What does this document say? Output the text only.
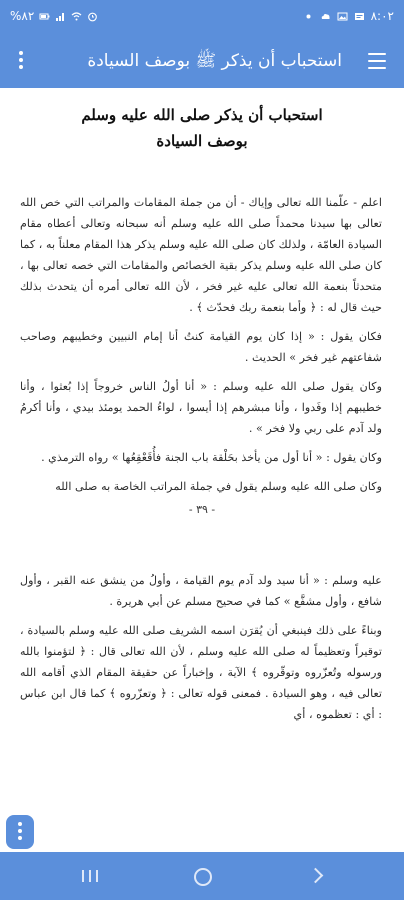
%٨٢	٨:٠٢
استحباب أن يذكر ﷺ بوصف السيادة
استحباب أن يذكر صلى الله عليه وسلم
بوصف السيادة
اعلم - علّمنا الله تعالى وإياك - أن من جملة المقامات والمراتب التي خص الله تعالى بها سيدنا محمداً صلى الله عليه وسلم أنه سبحانه وتعالى أعطاه مقام السيادة العامّة ، ولذلك كان صلى الله عليه وسلم يذكر هذا المقام معلناً به ، كما كان صلى الله عليه وسلم يذكر بقية الخصائص والمقامات التي خصه تعالى بها ، متحدثاً بنعمة الله تعالى عليه غير فخر ، لأن الله تعالى أمره أن يتحدث بذلك حيث قال له : ﴿ وأما بنعمة ربك فحدّث ﴾ .
فكان يقول : « إذا كان يوم القيامة كنتُ أنا إمام النبيين وخطيبهم وصاحب شفاعتهم غير فخر » الحديث .
وكان يقول صلى الله عليه وسلم : « أنا أولُ الناس خروجاً إذا بُعثوا ، وأنا خطيبهم إذا وفَدوا ، وأنا مبشرهم إذا أيسوا ، لواءُ الحمد يومئذ بيدي ، وأنا أكرمُ ولد آدم على ربي ولا فخر » .
وكان يقول : « أنا أول من يأخذ بحَلْقة باب الجنة فأُقَعْقِعُها » رواه الترمذي .
وكان صلى الله عليه وسلم يقول في جملة المراتب الخاصة به صلى الله
- ٣٩ -
عليه وسلم : « أنا سيد ولد آدم يوم القيامة ، وأولُ من ينشق عنه القبر ، وأول شافع ، وأول مشفَّع » كما في صحيح مسلم عن أبي هريرة .
وبناءً على ذلك فينبغي أن يُقرَن اسمه الشريف صلى الله عليه وسلم بالسيادة ، توقيراً وتعظيماً له صلى الله عليه وسلم ، لأن الله تعالى قال : ﴿ لتؤمنوا بالله ورسوله وتُعزّروه وتوقّروه ﴾ الآية ، وإخباراً عن حقيقة المقام الذي أقامه الله تعالى فيه ، وهو السيادة . فمعنى قوله تعالى : ﴿ وتعزّروه ﴾ كما قال ابن عباس : أي : تعظموه ، أي
